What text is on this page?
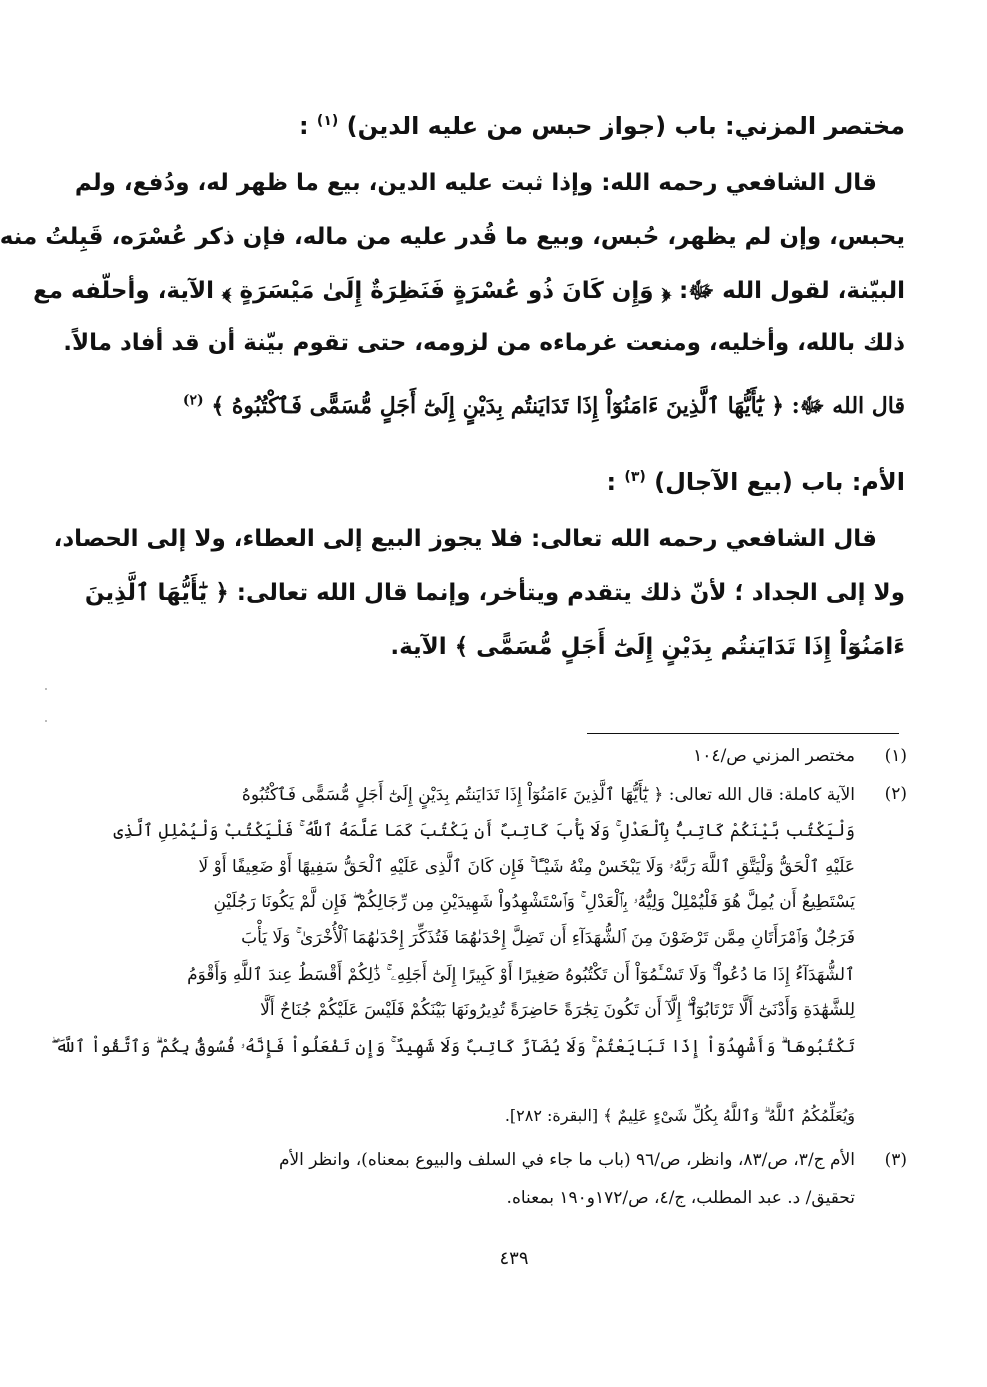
مختصر المزني: باب (جواز حبس من عليه الدين) $^{(١)}$ :
قال الشافعي رحمه الله: وإذا ثبت عليه الدين، بيع ما ظهر له، ودُفع، ولم
يحبس، وإن لم يظهر، حُبس، وبيع ما قُدر عليه من ماله، فإن ذكر عُسْرَه، قَبِلتُ منه
البيّنة، لقول الله ﷻ: ﴿ وَإِن كَانَ ذُو عُسْرَةٍ فَنَظِرَةٌ إِلَىٰ مَيْسَرَةٍ ﴾ الآية، وأحلّفه مع
ذلك بالله، وأخليه، ومنعت غرماءه من لزومه، حتى تقوم بيّنة أن قد أفاد مالاً.
قال الله ﷻ: ﴿ يَٰٓأَيُّهَا ٱلَّذِينَ ءَامَنُوٓاْ إِذَا تَدَايَنتُم بِدَيْنٍ إِلَىٰٓ أَجَلٍ مُّسَمًّى فَٱكْتُبُوهُ ﴾ $^{(٢)}$
الأم: باب (بيع الآجال) $^{(٣)}$ :
قال الشافعي رحمه الله تعالى: فلا يجوز البيع إلى العطاء، ولا إلى الحصاد،
ولا إلى الجداد ؛ لأنّ ذلك يتقدم ويتأخر، وإنما قال الله تعالى: ﴿ يَٰٓأَيُّهَا ٱلَّذِينَ
ءَامَنُوٓاْ إِذَا تَدَايَنتُم بِدَيْنٍ إِلَىٰٓ أَجَلٍ مُّسَمًّى ﴾ الآية.
(١)
مختصر المزني ص/١٠٤
(٢)
الآية كاملة: قال الله تعالى: ﴿ يَٰٓأَيُّهَا ٱلَّذِينَ ءَامَنُوٓاْ إِذَا تَدَايَنتُم بِدَيْنٍ إِلَىٰٓ أَجَلٍ مُّسَمًّى فَٱكْتُبُوهُ
وَلْيَكْتُب بَّيْنَكُمْ كَاتِبٌۢ بِٱلْعَدْلِ ۚ وَلَا يَأْبَ كَاتِبٌ أَن يَكْتُبَ كَمَا عَلَّمَهُ ٱللَّهُ ۚ فَلْيَكْتُبْ وَلْيُمْلِلِ ٱلَّذِى
عَلَيْهِ ٱلْحَقُّ وَلْيَتَّقِ ٱللَّهَ رَبَّهُۥ وَلَا يَبْخَسْ مِنْهُ شَيْـًٔا ۚ فَإِن كَانَ ٱلَّذِى عَلَيْهِ ٱلْحَقُّ سَفِيهًا أَوْ ضَعِيفًا أَوْ لَا
يَسْتَطِيعُ أَن يُمِلَّ هُوَ فَلْيُمْلِلْ وَلِيُّهُۥ بِٱلْعَدْلِ ۚ وَٱسْتَشْهِدُواْ شَهِيدَيْنِ مِن رِّجَالِكُمْ ۖ فَإِن لَّمْ يَكُونَا رَجُلَيْنِ
فَرَجُلٌ وَٱمْرَأَتَانِ مِمَّن تَرْضَوْنَ مِنَ ٱلشُّهَدَآءِ أَن تَضِلَّ إِحْدَىٰهُمَا فَتُذَكِّرَ إِحْدَىٰهُمَا ٱلْأُخْرَىٰ ۚ وَلَا يَأْبَ
ٱلشُّهَدَآءُ إِذَا مَا دُعُواْ ۚ وَلَا تَسْـَٔمُوٓاْ أَن تَكْتُبُوهُ صَغِيرًا أَوْ كَبِيرًا إِلَىٰٓ أَجَلِهِۦ ۚ ذَٰلِكُمْ أَقْسَطُ عِندَ ٱللَّهِ وَأَقْوَمُ
لِلشَّهَٰدَةِ وَأَدْنَىٰٓ أَلَّا تَرْتَابُوٓاْ ۖ إِلَّآ أَن تَكُونَ تِجَٰرَةً حَاضِرَةً تُدِيرُونَهَا بَيْنَكُمْ فَلَيْسَ عَلَيْكُمْ جُنَاحٌ أَلَّا
تَكْتُبُوهَا ۗ وَأَشْهِدُوٓاْ إِذَا تَبَايَعْتُمْ ۚ وَلَا يُضَآرَّ كَاتِبٌ وَلَا شَهِيدٌ ۚ وَإِن تَفْعَلُواْ فَإِنَّهُۥ فُسُوقٌۢ بِكُمْ ۗ وَٱتَّقُواْ ٱللَّهَ ۖ
وَيُعَلِّمُكُمُ ٱللَّهُ ۗ وَٱللَّهُ بِكُلِّ شَىْءٍ عَلِيمٌ ﴾ [البقرة: ٢٨٢].
(٣)
الأم ج/٣، ص/٨٣، وانظر، ص/٩٦ (باب ما جاء في السلف والبيوع بمعناه)، وانظر الأم
تحقيق/ د. عبد المطلب، ج/٤، ص/١٧٢و١٩٠ بمعناه.
٤٣٩
